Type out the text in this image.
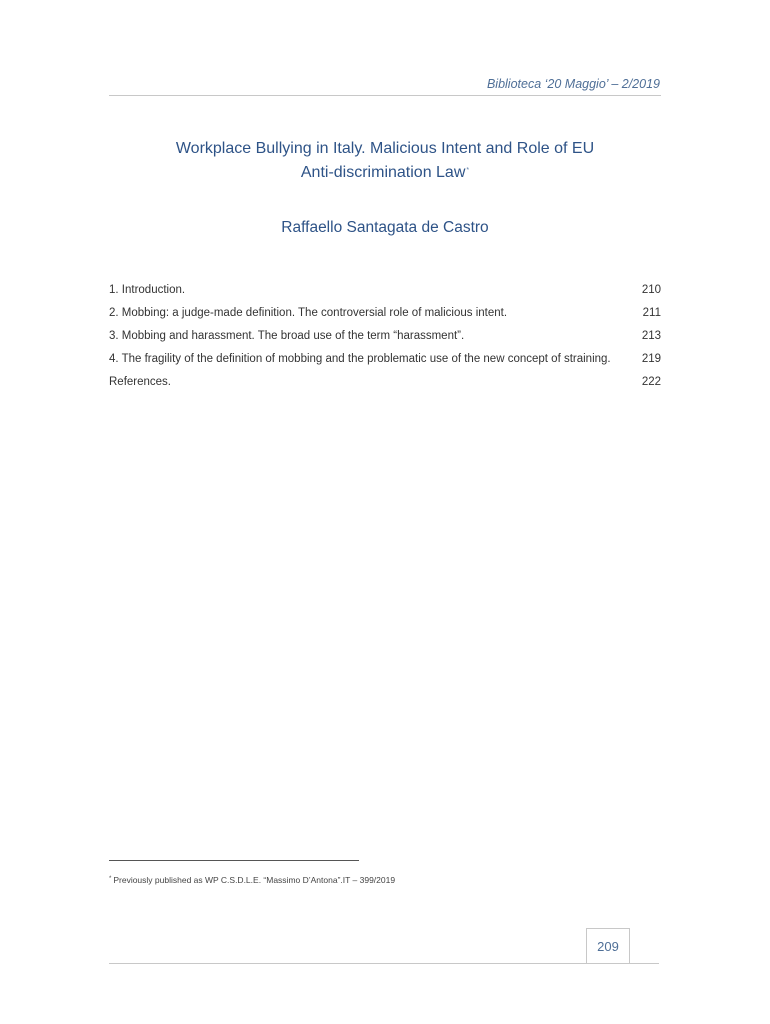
Biblioteca ‘20 Maggio’ – 2/2019
Workplace Bullying in Italy. Malicious Intent and Role of EU
Anti-discrimination Law*
Raffaello Santagata de Castro
1. Introduction.	210
2. Mobbing: a judge-made definition. The controversial role of malicious intent.	211
3. Mobbing and harassment. The broad use of the term “harassment”.	213
4. The fragility of the definition of mobbing and the problematic use of the new concept of straining.	219
References.	222
* Previously published as WP C.S.D.L.E. “Massimo D’Antona”.IT – 399/2019
209
